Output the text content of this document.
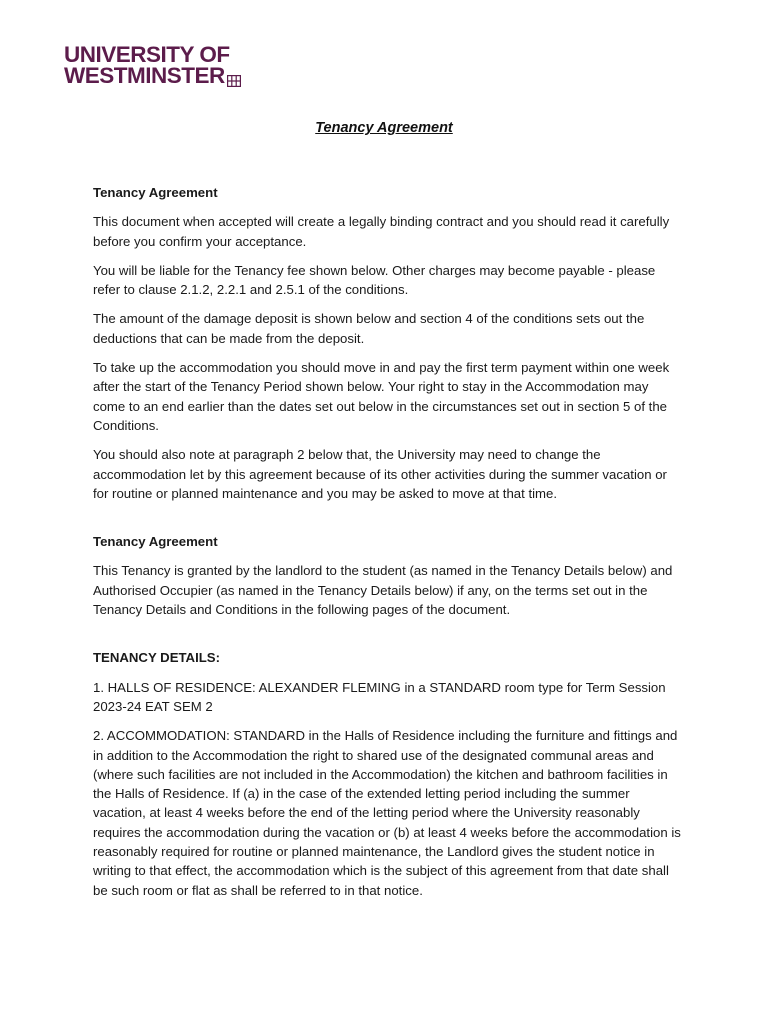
UNIVERSITY OF
WESTMINSTER
Tenancy Agreement
Tenancy Agreement

This document when accepted will create a legally binding contract and you should read it carefully before you confirm your acceptance.

You will be liable for the Tenancy fee shown below. Other charges may become payable - please refer to clause 2.1.2, 2.2.1 and 2.5.1 of the conditions.

The amount of the damage deposit is shown below and section 4 of the conditions sets out the deductions that can be made from the deposit.

To take up the accommodation you should move in and pay the first term payment within one week after the start of the Tenancy Period shown below. Your right to stay in the Accommodation may come to an end earlier than the dates set out below in the circumstances set out in section 5 of the Conditions.

You should also note at paragraph 2 below that, the University may need to change the accommodation let by this agreement because of its other activities during the summer vacation or for routine or planned maintenance and you may be asked to move at that time.

Tenancy Agreement

This Tenancy is granted by the landlord to the student (as named in the Tenancy Details below) and Authorised Occupier (as named in the Tenancy Details below) if any, on the terms set out in the Tenancy Details and Conditions in the following pages of the document.

TENANCY DETAILS:

1. HALLS OF RESIDENCE: ALEXANDER FLEMING in a STANDARD room type for Term Session 2023-24 EAT SEM 2

2. ACCOMMODATION: STANDARD in the Halls of Residence including the furniture and fittings and in addition to the Accommodation the right to shared use of the designated communal areas and (where such facilities are not included in the Accommodation) the kitchen and bathroom facilities in the Halls of Residence. If (a) in the case of the extended letting period including the summer vacation, at least 4 weeks before the end of the letting period where the University reasonably requires the accommodation during the vacation or (b) at least 4 weeks before the accommodation is reasonably required for routine or planned maintenance, the Landlord gives the student notice in writing to that effect, the accommodation which is the subject of this agreement from that date shall be such room or flat as shall be referred to in that notice.
